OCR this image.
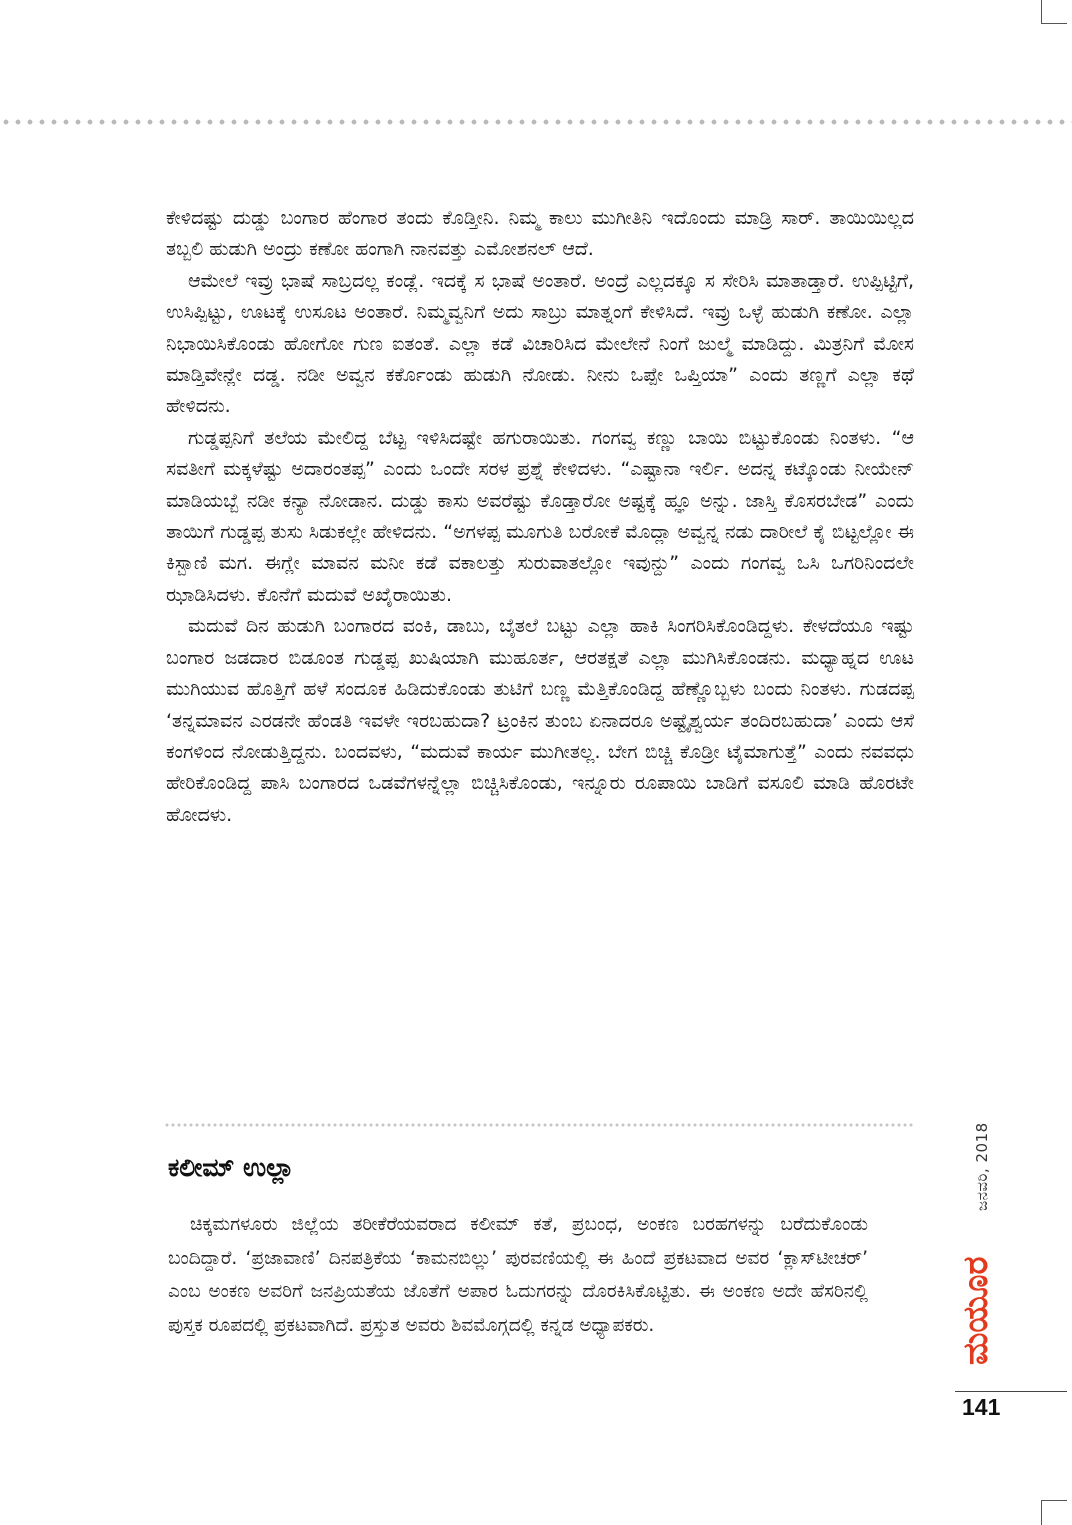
ಕೇಳಿದಷ್ಟು ದುಡ್ಡು ಬಂಗಾರ ಹೆಂಗಾರ ತಂದು ಕೊಡ್ತೀನಿ. ನಿಮ್ಮ ಕಾಲು ಮುಗೀತಿನಿ ಇದೊಂದು ಮಾಡ್ರಿ ಸಾರ್. ತಾಯಿಯಿಲ್ಲದ ತಬ್ಬಲಿ ಹುಡುಗಿ ಅಂದ್ರು ಕಣೋ ಹಂಗಾಗಿ ನಾನವತ್ತು ಎಮೋಶನಲ್ ಆದೆ.

ಆಮೇಲೆ ಇವ್ರು ಭಾಷೆ ಸಾಬ್ರದಲ್ಲ ಕಂಡ್ಲೆ. ಇದಕ್ಕೆ ಸ ಭಾಷೆ ಅಂತಾರೆ. ಅಂದ್ರೆ ಎಲ್ಲದಕ್ಕೂ ಸ ಸೇರಿಸಿ ಮಾತಾಡ್ತಾರೆ. ಉಪ್ಪಿಟ್ಟಿಗೆ, ಉಸಿಪ್ಪಿಟ್ಟು, ಊಟಕ್ಕೆ ಉಸೂಟ ಅಂತಾರೆ. ನಿಮ್ಮವ್ವನಿಗೆ ಅದು ಸಾಬ್ರು ಮಾತ್ನಂಗೆ ಕೇಳಿಸಿದೆ. ಇವ್ರು ಒಳ್ಳೆ ಹುಡುಗಿ ಕಣೋ. ಎಲ್ಲಾ ನಿಭಾಯಿಸಿಕೊಂಡು ಹೋಗೋ ಗುಣ ಐತಂತೆ. ಎಲ್ಲಾ ಕಡೆ ವಿಚಾರಿಸಿದ ಮೇಲೇನೆ ನಿಂಗೆ ಜುಲ್ಮೆ ಮಾಡಿದ್ದು. ಮಿತ್ರನಿಗೆ ಮೋಸ ಮಾಡ್ತಿವೇನ್ಲೇ ದಡ್ಡ. ನಡೀ ಅವ್ವನ ಕರ್ಕೊಂಡು ಹುಡುಗಿ ನೋಡು. ನೀನು ಒಪ್ಪೇ ಒಪ್ತಿಯಾ” ಎಂದು ತಣ್ಣಗೆ ಎಲ್ಲಾ ಕಥೆ ಹೇಳಿದನು.

ಗುಡ್ಡಪ್ಪನಿಗೆ ತಲೆಯ ಮೇಲಿದ್ದ ಬೆಟ್ಟ ಇಳಿಸಿದಷ್ಟೇ ಹಗುರಾಯಿತು. ಗಂಗವ್ವ ಕಣ್ಣು ಬಾಯಿ ಬಿಟ್ಟುಕೊಂಡು ನಿಂತಳು. “ಆ ಸವತೀಗೆ ಮಕ್ಕಳೆಷ್ಟು ಅದಾರಂತಪ್ಪ” ಎಂದು ಒಂದೇ ಸರಳ ಪ್ರಶ್ನೆ ಕೇಳಿದಳು. “ಎಷ್ಟಾನಾ ಇರ್ಲಿ. ಅದನ್ನ ಕಟ್ಕೊಂಡು ನೀಯೇನ್ ಮಾಡಿಯಬ್ಬೆ ನಡೀ ಕನ್ಯಾ ನೋಡಾನ. ದುಡ್ಡು ಕಾಸು ಅವರೆಷ್ಟು ಕೊಡ್ತಾರೋ ಅಷ್ಟಕ್ಕೆ ಹ್ಞೂ ಅನ್ನು. ಜಾಸ್ತಿ ಕೊಸರಬೇಡ” ಎಂದು ತಾಯಿಗೆ ಗುಡ್ಡಪ್ಪ ತುಸು ಸಿಡುಕಲ್ಲೇ ಹೇಳಿದನು. “ಅಗಳಪ್ಪ ಮೂಗುತಿ ಬರೋಕೆ ಮೊದ್ಲಾ ಅವ್ವನ್ನ ನಡು ದಾರೀಲೆ ಕೈ ಬಿಟ್ಟಲ್ಲೋ ಈ ಕಿಸ್ಬಾಣಿ ಮಗ. ಈಗ್ಲೇ ಮಾವನ ಮನೀ ಕಡೆ ವಕಾಲತ್ತು ಸುರುವಾತಲ್ಲೋ ಇವುನ್ದು” ಎಂದು ಗಂಗವ್ವ ಒಸಿ ಒಗರಿನಿಂದಲೇ ಝಾಡಿಸಿದಳು. ಕೊನೆಗೆ ಮದುವೆ ಅಖೈರಾಯಿತು.

ಮದುವೆ ದಿನ ಹುಡುಗಿ ಬಂಗಾರದ ವಂಕಿ, ಡಾಬು, ಬೈತಲೆ ಬಟ್ಟು ಎಲ್ಲಾ ಹಾಕಿ ಸಿಂಗರಿಸಿಕೊಂಡಿದ್ದಳು. ಕೇಳದೆಯೂ ಇಷ್ಟು ಬಂಗಾರ ಜಡದಾರ ಬಿಡೂಂತ ಗುಡ್ಡಪ್ಪ ಖುಷಿಯಾಗಿ ಮುಹೂರ್ತ, ಆರತಕ್ಷತೆ ಎಲ್ಲಾ ಮುಗಿಸಿಕೊಂಡನು. ಮಧ್ಯಾಹ್ನದ ಊಟ ಮುಗಿಯುವ ಹೊತ್ತಿಗೆ ಹಳೆ ಸಂದೂಕ ಹಿಡಿದುಕೊಂಡು ತುಟಿಗೆ ಬಣ್ಣ ಮೆತ್ತಿಕೊಂಡಿದ್ದ ಹೆಣ್ಣೊಬ್ಬಳು ಬಂದು ನಿಂತಳು. ಗುಡದಪ್ಪ ‘ತನ್ನಮಾವನ ಎರಡನೇ ಹೆಂಡತಿ ಇವಳೇ ಇರಬಹುದಾ? ಟ್ರಂಕಿನ ತುಂಬ ಏನಾದರೂ ಅಷ್ಟೈಶ್ವರ್ಯ ತಂದಿರಬಹುದಾ’ ಎಂದು ಆಸೆ ಕಂಗಳಿಂದ ನೋಡುತ್ತಿದ್ದನು. ಬಂದವಳು, “ಮದುವೆ ಕಾರ್ಯ ಮುಗೀತಲ್ಲ. ಬೇಗ ಬಿಚ್ಚಿ ಕೊಡ್ರೀ ಟೈಮಾಗುತ್ತೆ” ಎಂದು ನವವಧು ಹೇರಿಕೊಂಡಿದ್ದ ಪಾಸಿ ಬಂಗಾರದ ಒಡವೆಗಳನ್ನೆಲ್ಲಾ ಬಿಚ್ಚಿಸಿಕೊಂಡು, ಇನ್ನೂರು ರೂಪಾಯಿ ಬಾಡಿಗೆ ವಸೂಲಿ ಮಾಡಿ ಹೊರಟೇ ಹೋದಳು.

ಕಲೀಮ್ ಉಲ್ಲಾ

ಚಿಕ್ಕಮಗಳೂರು ಜಿಲ್ಲೆಯ ತರೀಕೆರೆಯವರಾದ ಕಲೀಮ್ ಕತೆ, ಪ್ರಬಂಧ, ಅಂಕಣ ಬರಹಗಳನ್ನು ಬರೆದುಕೊಂಡು ಬಂದಿದ್ದಾರೆ. ‘ಪ್ರಜಾವಾಣಿ’ ದಿನಪತ್ರಿಕೆಯ ‘ಕಾಮನಬಿಲ್ಲು’ ಪುರವಣಿಯಲ್ಲಿ ಈ ಹಿಂದೆ ಪ್ರಕಟವಾದ ಅವರ ‘ಕ್ಲಾಸ್‌ಟೀಚರ್’ ಎಂಬ ಅಂಕಣ ಅವರಿಗೆ ಜನಪ್ರಿಯತೆಯ ಜೊತೆಗೆ ಅಪಾರ ಓದುಗರನ್ನು ದೊರಕಿಸಿಕೊಟ್ಟಿತು. ಈ ಅಂಕಣ ಅದೇ ಹೆಸರಿನಲ್ಲಿ ಪುಸ್ತಕ ರೂಪದಲ್ಲಿ ಪ್ರಕಟವಾಗಿದೆ. ಪ್ರಸ್ತುತ ಅವರು ಶಿವಮೊಗ್ಗದಲ್ಲಿ ಕನ್ನಡ ಅಧ್ಯಾಪಕರು.

ಜನವರಿ, 2018
ಮಯೂರ
141
